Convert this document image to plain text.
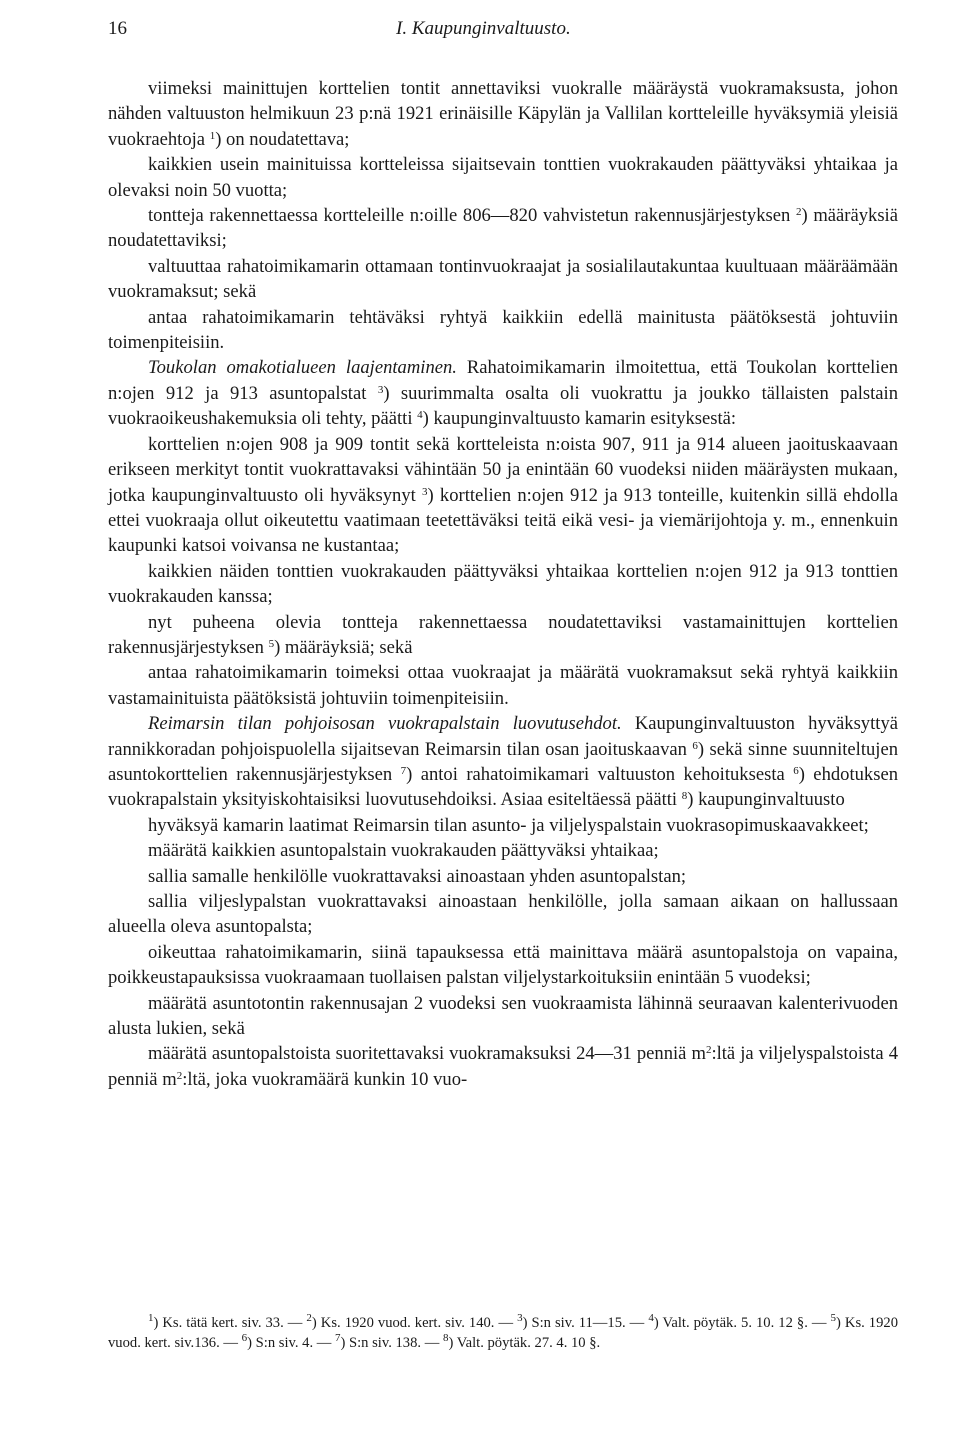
16	I. Kaupunginvaltuusto.

viimeksi mainittujen korttelien tontit annettaviksi vuokralle määräystä vuokramaksusta, johon nähden valtuuston helmikuun 23 p:nä 1921 erinäisille Käpylän ja Vallilan kortteleille hyväksymiä yleisiä vuokraehtoja $^1$) on noudatettava;

kaikkien usein mainituissa kortteleissa sijaitsevain tonttien vuokrakauden päättyväksi yhtaikaa ja olevaksi noin 50 vuotta;

tontteja rakennettaessa kortteleille n:oille 806—820 vahvistetun rakennusjärjestyksen $^2$) määräyksiä noudatettaviksi;

valtuuttaa rahatoimikamarin ottamaan tontinvuokraajat ja sosialilautakuntaa kuultuaan määräämään vuokramaksut; sekä

antaa rahatoimikamarin tehtäväksi ryhtyä kaikkiin edellä mainitusta päätöksestä johtuviin toimenpiteisiin.

Toukolan omakotialueen laajentaminen. Rahatoimikamarin ilmoitettua, että Toukolan korttelien n:ojen 912 ja 913 asuntopalstat $^3$) suurimmalta osalta oli vuokrattu ja joukko tällaisten palstain vuokraoikeushakemuksia oli tehty, päätti $^4$) kaupunginvaltuusto kamarin esityksestä:

korttelien n:ojen 908 ja 909 tontit sekä kortteleista n:oista 907, 911 ja 914 alueen jaoituskaavaan erikseen merkityt tontit vuokrattavaksi vähintään 50 ja enintään 60 vuodeksi niiden määräysten mukaan, jotka kaupunginvaltuusto oli hyväksynyt $^3$) korttelien n:ojen 912 ja 913 tonteille, kuitenkin sillä ehdolla ettei vuokraaja ollut oikeutettu vaatimaan teetettäväksi teitä eikä vesi- ja viemärijohtoja y. m., ennenkuin kaupunki katsoi voivansa ne kustantaa;

kaikkien näiden tonttien vuokrakauden päättyväksi yhtaikaa korttelien n:ojen 912 ja 913 tonttien vuokrakauden kanssa;

nyt puheena olevia tontteja rakennettaessa noudatettaviksi vastamainittujen korttelien rakennusjärjestyksen $^5$) määräyksiä; sekä

antaa rahatoimikamarin toimeksi ottaa vuokraajat ja määrätä vuokramaksut sekä ryhtyä kaikkiin vastamainituista päätöksistä johtuviin toimenpiteisiin.

Reimarsin tilan pohjoisosan vuokrapalstain luovutusehdot. Kaupunginvaltuuston hyväksyttyä rannikkoradan pohjoispuolella sijaitsevan Reimarsin tilan osan jaoituskaavan $^6$) sekä sinne suunniteltujen asuntokorttelien rakennusjärjestyksen $^7$) antoi rahatoimikamari valtuuston kehoituksesta $^6$) ehdotuksen vuokrapalstain yksityiskohtaisiksi luovutusehdoiksi. Asiaa esiteltäessä päätti $^8$) kaupunginvaltuusto

hyväksyä kamarin laatimat Reimarsin tilan asunto- ja viljelyspalstain vuokrasopimuskaavakkeet;

määrätä kaikkien asuntopalstain vuokrakauden päättyväksi yhtaikaa;

sallia samalle henkilölle vuokrattavaksi ainoastaan yhden asuntopalstan;

sallia viljeslypalstan vuokrattavaksi ainoastaan henkilölle, jolla samaan aikaan on hallussaan alueella oleva asuntopalsta;

oikeuttaa rahatoimikamarin, siinä tapauksessa että mainittava määrä asuntopalstoja on vapaina, poikkeustapauksissa vuokraamaan tuollaisen palstan viljelystarkoituksiin enintään 5 vuodeksi;

määrätä asuntotontin rakennusajan 2 vuodeksi sen vuokraamista lähinnä seuraavan kalenterivuoden alusta lukien, sekä

määrätä asuntopalstoista suoritettavaksi vuokramaksuksi 24—31 penniä $m^2:ltä$ ja viljelyspalstoista 4 penniä $m^2:ltä$, joka vuokramäärä kunkin 10 vuo-

$^1$) Ks. tätä kert. siv. 33. — $^2$) Ks. 1920 vuod. kert. siv. 140. — $^3$) S:n siv. 11—15. — $^4$) Valt. pöytäk. 5. 10. 12 §. — $^5$) Ks. 1920 vuod. kert. siv.136. — $^6$) S:n siv. 4. — $^7$) S:n siv. 138. — $^8$) Valt. pöytäk. 27. 4. 10 §.
